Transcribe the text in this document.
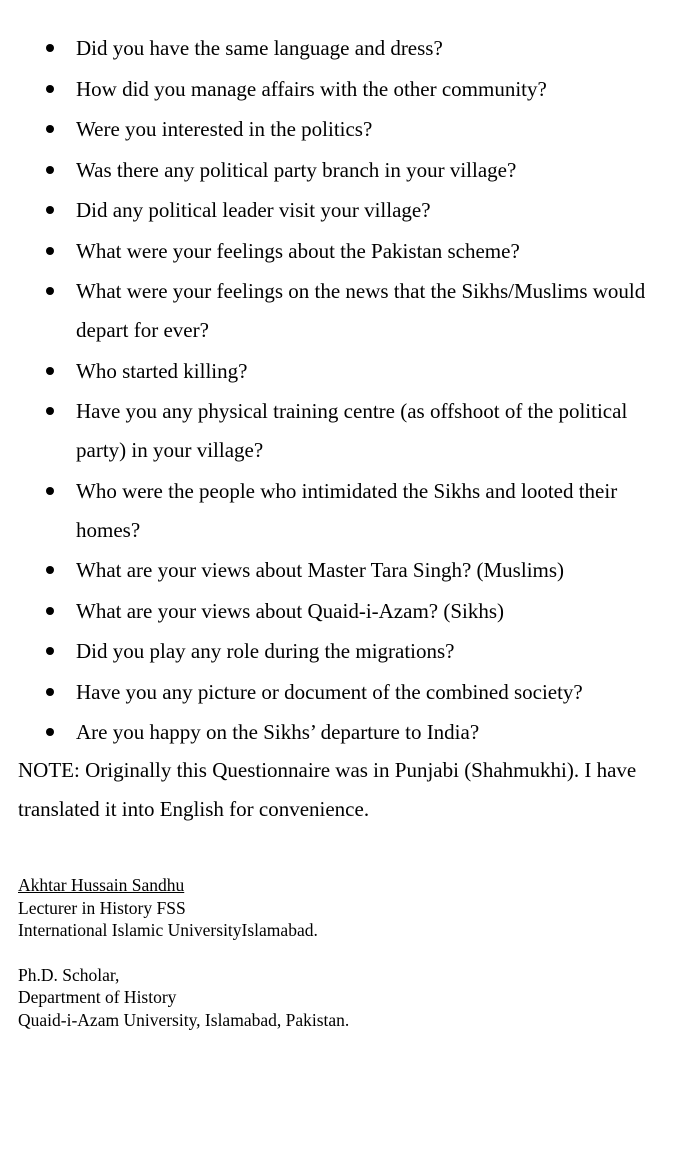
Did you have the same language and dress?
How did you manage affairs with the other community?
Were you interested in the politics?
Was there any political party branch in your village?
Did any political leader visit your village?
What were your feelings about the Pakistan scheme?
What were your feelings on the news that the Sikhs/Muslims would depart for ever?
Who started killing?
Have you any physical training centre (as offshoot of the political party) in your village?
Who were the people who intimidated the Sikhs and looted their homes?
What are your views about Master Tara Singh? (Muslims)
What are your views about Quaid-i-Azam? (Sikhs)
Did you play any role during the migrations?
Have you any picture or document of the combined society?
Are you happy on the Sikhs’ departure to India?

NOTE: Originally this Questionnaire was in Punjabi (Shahmukhi). I have translated it into English for convenience.

Akhtar Hussain Sandhu
Lecturer in History FSS
International Islamic UniversityIslamabad.
Ph.D. Scholar,
Department of History
Quaid-i-Azam University, Islamabad, Pakistan.
